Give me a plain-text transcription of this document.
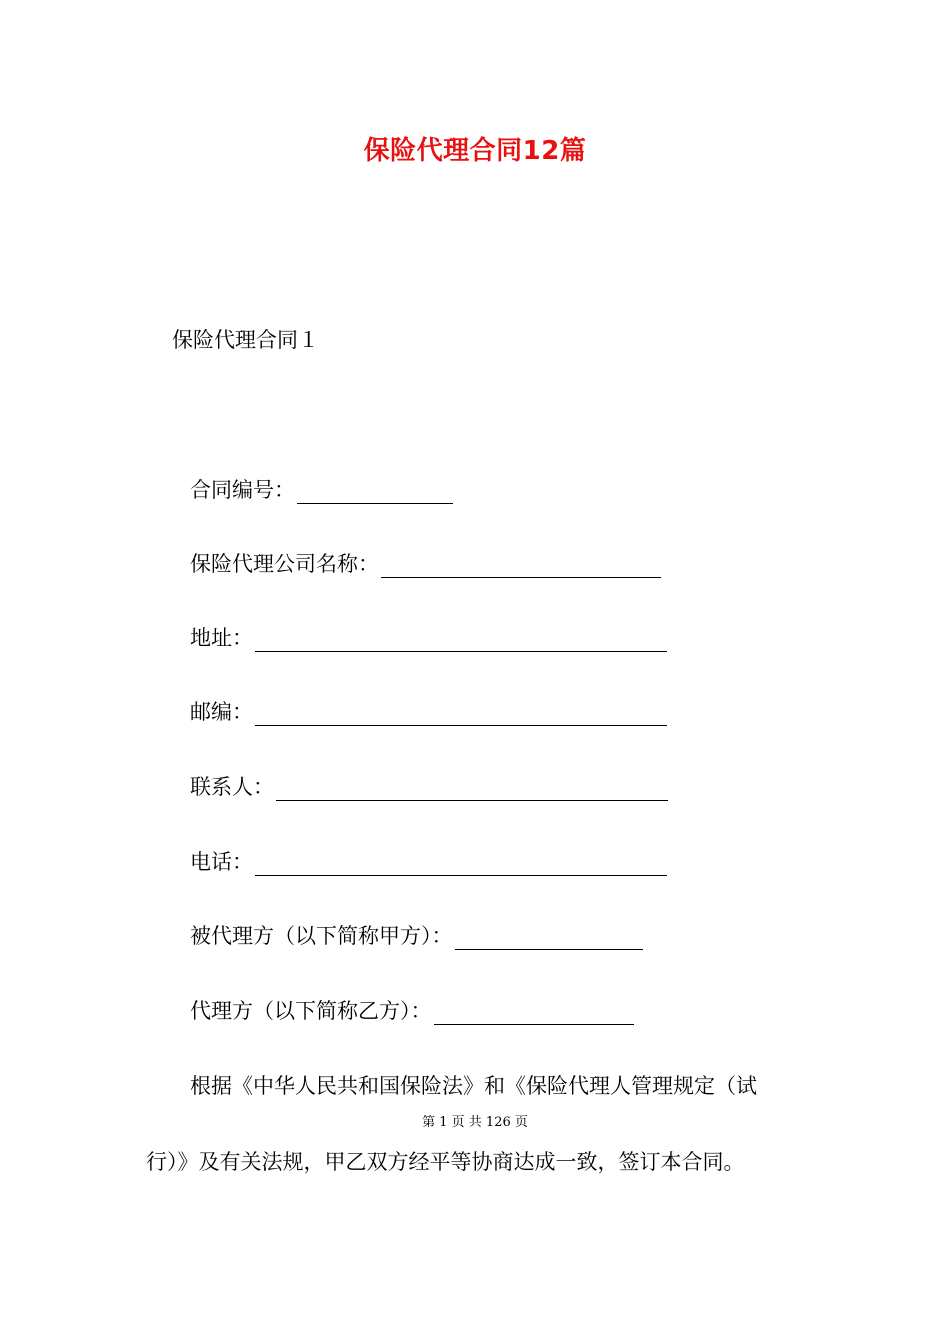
保险代理合同12篇
保险代理合同１
合同编号：
保险代理公司名称：
地址：
邮编：
联系人：
电话：
被代理方（以下简称甲方）：
代理方（以下简称乙方）：
根据《中华人民共和国保险法》和《保险代理人管理规定（试
第 1 页 共 126 页
行）》及有关法规，甲乙双方经平等协商达成一致，签订本合同。
